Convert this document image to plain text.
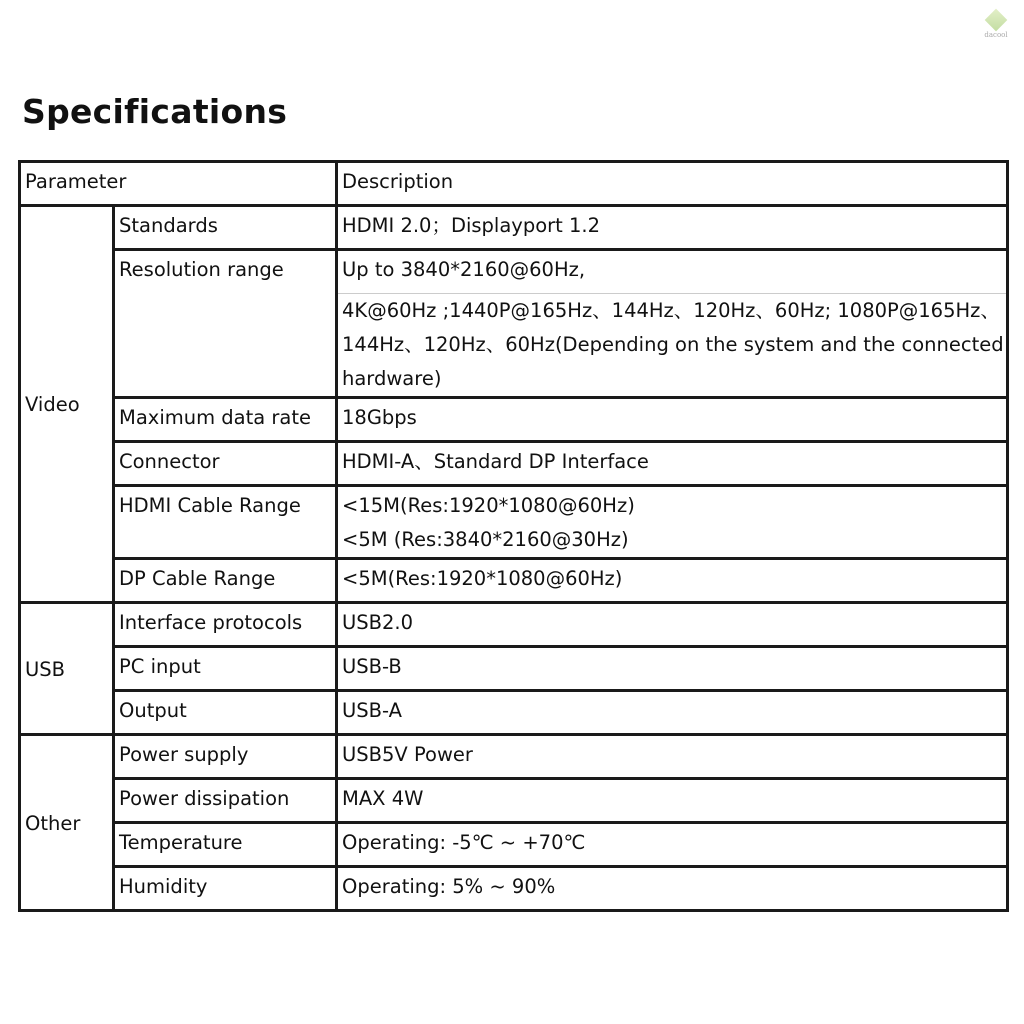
dacool
Specifications
Parameter		Description
Video	Standards	HDMI 2.0；Displayport 1.2

	Resolution range	Up to 3840*2160@60Hz,
4K@60Hz ;1440P@165Hz、144Hz、120Hz、60Hz; 1080P@165Hz、144Hz、120Hz、60Hz(Depending on the system and the connected hardware)

	Maximum data rate	18Gbps

	Connector	HDMI-A、Standard DP Interface

	HDMI Cable Range	<15M(Res:1920*1080@60Hz)
<5M (Res:3840*2160@30Hz)

	DP Cable Range	<5M(Res:1920*1080@60Hz)

USB	Interface protocols	USB2.0

	PC input	USB-B

	Output	USB-A

Other	Power supply	USB5V Power

	Power dissipation	MAX 4W

	Temperature	Operating: -5℃ ~ +70℃

	Humidity	Operating: 5% ~ 90%
